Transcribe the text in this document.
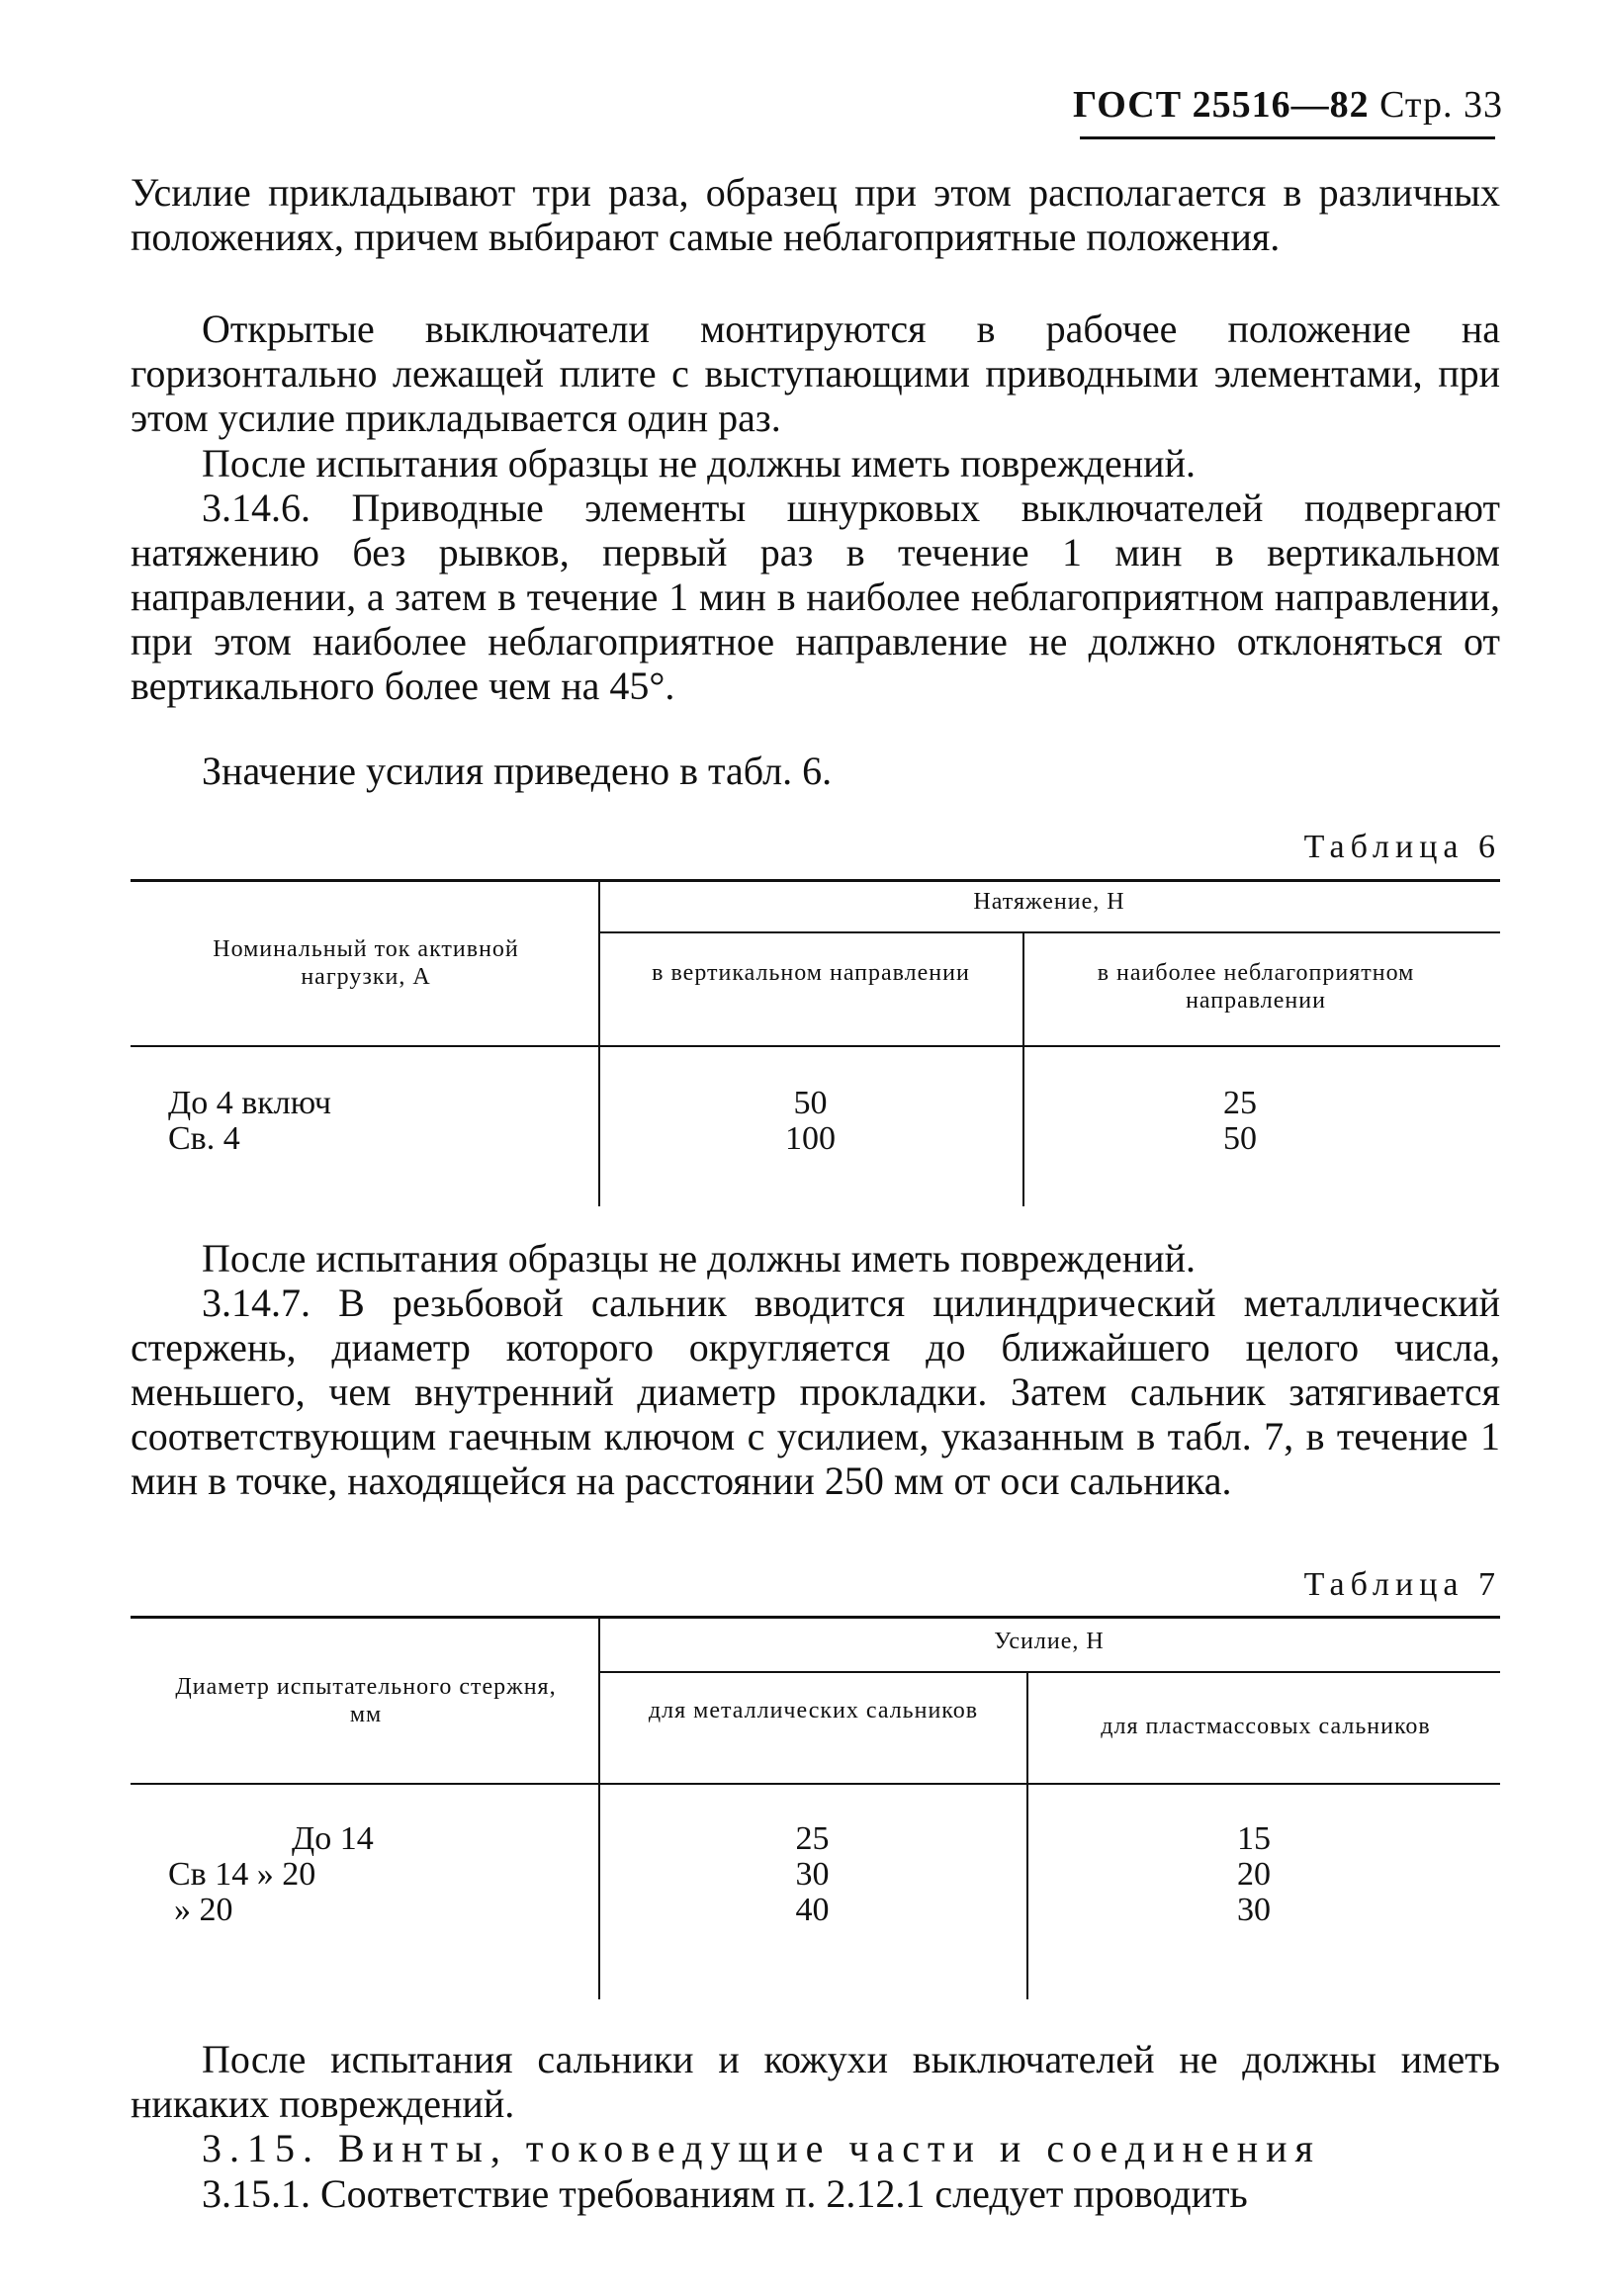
ГОСТ 25516—82 Стр. 33

Усилие прикладывают три раза, образец при этом располагается в различных положениях, причем выбирают самые неблагоприятные положения.

Открытые выключатели монтируются в рабочее положение на горизонтально лежащей плите с выступающими приводными элементами, при этом усилие прикладывается один раз.

После испытания образцы не должны иметь повреждений.

3.14.6. Приводные элементы шнурковых выключателей подвергают натяжению без рывков, первый раз в течение 1 мин в вертикальном направлении, а затем в течение 1 мин в наиболее неблагоприятном направлении, при этом наиболее неблагоприятное направление не должно отклоняться от вертикального более чем на 45°.

Значение усилия приведено в табл. 6.

Таблица 6
Номинальный ток активной нагрузки, А
Натяжение, Н
в вертикальном направлении	в наиболее неблагоприятном направлении
До 4 включ	50	25
Св. 4	100	50

После испытания образцы не должны иметь повреждений.

3.14.7. В резьбовой сальник вводится цилиндрический металлический стержень, диаметр которого округляется до ближайшего целого числа, меньшего, чем внутренний диаметр прокладки. Затем сальник затягивается соответствующим гаечным ключом с усилием, указанным в табл. 7, в течение 1 мин в точке, находящейся на расстоянии 250 мм от оси сальника.

Таблица 7
Диаметр испытательного стержня, мм
Усилие, Н
для металлических сальников
для пластмассовых сальников
До 14	25	15
Св 14 » 20	30	20
» 20	40	30

После испытания сальники и кожухи выключателей не должны иметь никаких повреждений.

3.15. Винты, токоведущие части и соединения

3.15.1. Соответствие требованиям п. 2.12.1 следует проводить
